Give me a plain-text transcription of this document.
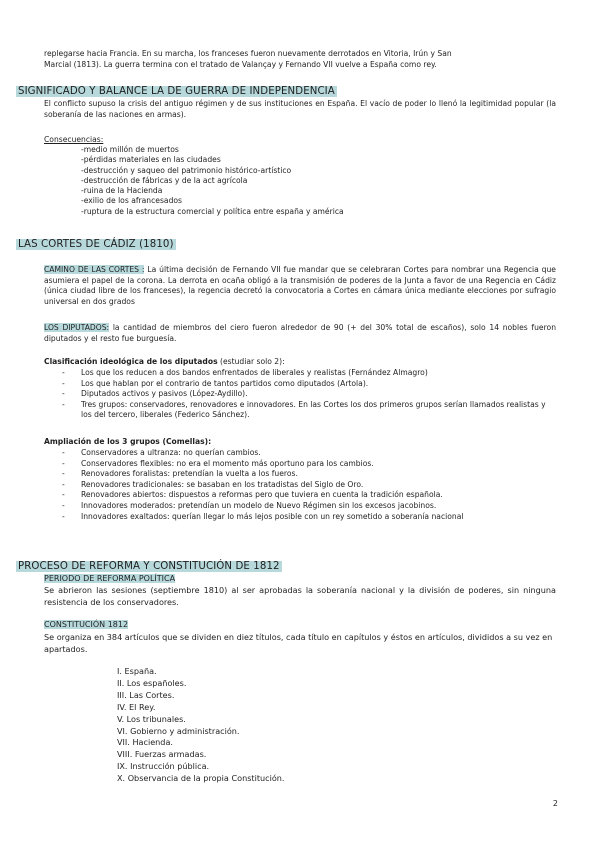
replegarse hacia Francia. En su marcha, los franceses fueron nuevamente derrotados en Vitoria, Irún y San
Marcial (1813). La guerra termina con el tratado de Valançay y Fernando VII vuelve a España como rey.
SIGNIFICADO Y BALANCE LA DE GUERRA DE INDEPENDENCIA
El conflicto supuso la crisis del antiguo régimen y de sus instituciones en España. El vacío de poder lo llenó la legitimidad popular (la soberanía de las naciones en armas).
Consecuencias:
-medio millón de muertos
-pérdidas materiales en las ciudades
-destrucción y saqueo del patrimonio histórico-artístico
-destrucción de fábricas y de la act agrícola
-ruina de la Hacienda
-exilio de los afrancesados
-ruptura de la estructura comercial y política entre españa y américa
LAS CORTES DE CÁDIZ (1810)
CAMINO DE LAS CORTES : La última decisión de Fernando VII fue mandar que se celebraran Cortes para nombrar una Regencia que asumiera el papel de la corona. La derrota en ocaña obligó a la transmisión de poderes de la Junta a favor de una Regencia en Cádiz (única ciudad libre de los franceses), la regencia decretó la convocatoria a Cortes en cámara única mediante elecciones por sufragio universal en dos grados
LOS DIPUTADOS: la cantidad de miembros del ciero fueron alrededor de 90 (+ del 30% total de escaños), solo 14 nobles fueron diputados y el resto fue burguesía.
Clasificación ideológica de los diputados (estudiar solo 2):
- Los que los reducen a dos bandos enfrentados de liberales y realistas (Fernández Almagro)
- Los que hablan por el contrario de tantos partidos como diputados (Artola).
- Diputados activos y pasivos (López-Aydillo).
- Tres grupos: conservadores, renovadores e innovadores. En las Cortes los dos primeros grupos serían llamados realistas y los del tercero, liberales (Federico Sánchez).
Ampliación de los 3 grupos (Comellas):
- Conservadores a ultranza: no querían cambios.
- Conservadores flexibles: no era el momento más oportuno para los cambios.
- Renovadores foralistas: pretendían la vuelta a los fueros.
- Renovadores tradicionales: se basaban en los tratadistas del Siglo de Oro.
- Renovadores abiertos: dispuestos a reformas pero que tuviera en cuenta la tradición española.
- Innovadores moderados: pretendían un modelo de Nuevo Régimen sin los excesos jacobinos.
- Innovadores exaltados: querían llegar lo más lejos posible con un rey sometido a soberanía nacional
PROCESO DE REFORMA Y CONSTITUCIÓN DE 1812
PERIODO DE REFORMA POLÍTICA
Se abrieron las sesiones (septiembre 1810) al ser aprobadas la soberanía nacional y la división de poderes, sin ninguna resistencia de los conservadores.
CONSTITUCIÓN 1812
Se organiza en 384 artículos que se dividen en diez títulos, cada título en capítulos y éstos en artículos, divididos a su vez en apartados.
I. España.
II. Los españoles.
III. Las Cortes.
IV. El Rey.
V. Los tribunales.
VI. Gobierno y administración.
VII. Hacienda.
VIII. Fuerzas armadas.
IX. Instrucción pública.
X. Observancia de la propia Constitución.
2
